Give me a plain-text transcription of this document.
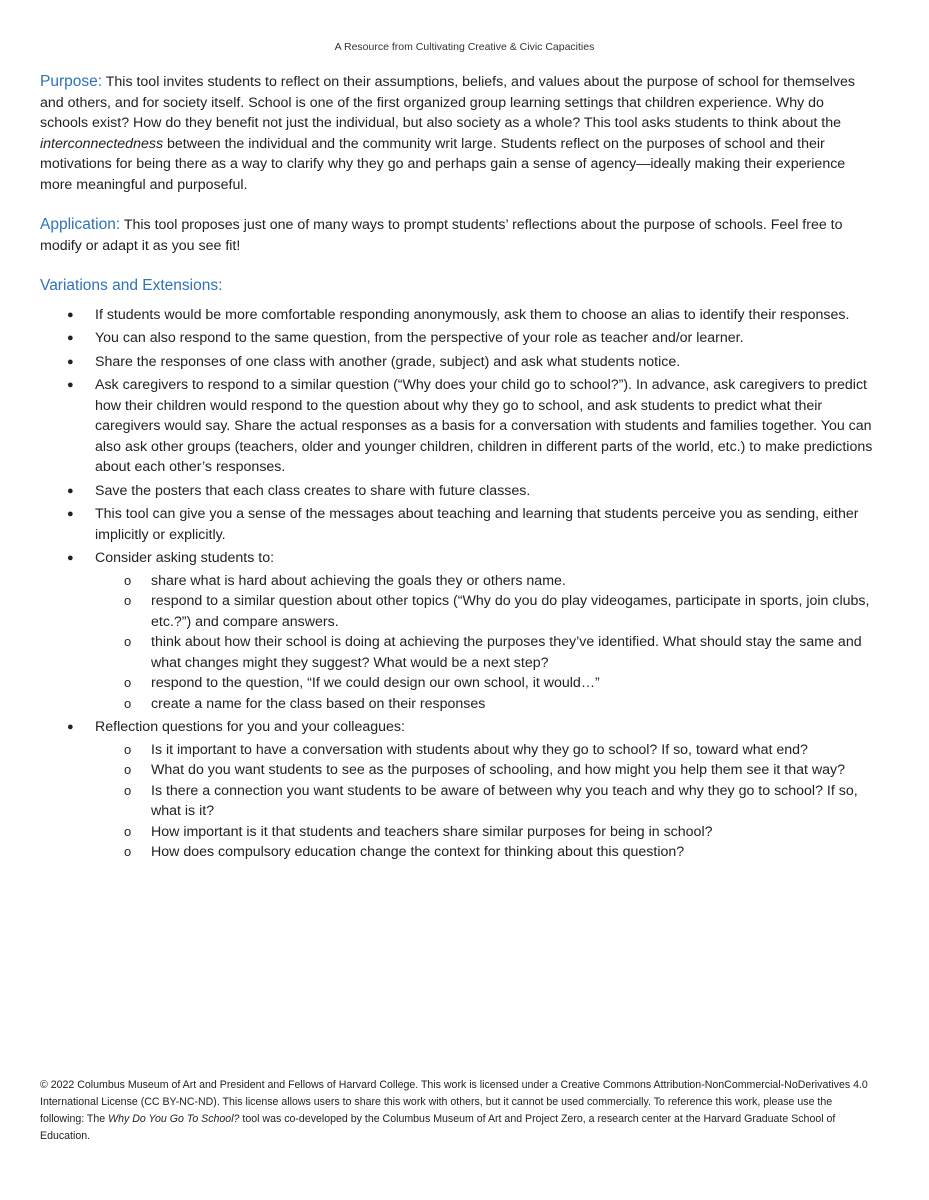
A Resource from Cultivating Creative & Civic Capacities

Purpose: This tool invites students to reflect on their assumptions, beliefs, and values about the purpose of school for themselves and others, and for society itself. School is one of the first organized group learning settings that children experience. Why do schools exist? How do they benefit not just the individual, but also society as a whole? This tool asks students to think about the interconnectedness between the individual and the community writ large. Students reflect on the purposes of school and their motivations for being there as a way to clarify why they go and perhaps gain a sense of agency—ideally making their experience more meaningful and purposeful.

Application: This tool proposes just one of many ways to prompt students’ reflections about the purpose of schools. Feel free to modify or adapt it as you see fit!

Variations and Extensions:
● If students would be more comfortable responding anonymously, ask them to choose an alias to identify their responses.
● You can also respond to the same question, from the perspective of your role as teacher and/or learner.
● Share the responses of one class with another (grade, subject) and ask what students notice.
● Ask caregivers to respond to a similar question (“Why does your child go to school?”). In advance, ask caregivers to predict how their children would respond to the question about why they go to school, and ask students to predict what their caregivers would say. Share the actual responses as a basis for a conversation with students and families together. You can also ask other groups (teachers, older and younger children, children in different parts of the world, etc.) to make predictions about each other’s responses.
● Save the posters that each class creates to share with future classes.
● This tool can give you a sense of the messages about teaching and learning that students perceive you as sending, either implicitly or explicitly.
● Consider asking students to:
o share what is hard about achieving the goals they or others name.
o respond to a similar question about other topics (“Why do you do play videogames, participate in sports, join clubs, etc.?”) and compare answers.
o think about how their school is doing at achieving the purposes they’ve identified. What should stay the same and what changes might they suggest? What would be a next step?
o respond to the question, “If we could design our own school, it would…”
o create a name for the class based on their responses
● Reflection questions for you and your colleagues:
o Is it important to have a conversation with students about why they go to school? If so, toward what end?
o What do you want students to see as the purposes of schooling, and how might you help them see it that way?
o Is there a connection you want students to be aware of between why you teach and why they go to school? If so, what is it?
o How important is it that students and teachers share similar purposes for being in school?
o How does compulsory education change the context for thinking about this question?
© 2022 Columbus Museum of Art and President and Fellows of Harvard College. This work is licensed under a Creative Commons Attribution-NonCommercial-NoDerivatives 4.0 International License (CC BY-NC-ND). This license allows users to share this work with others, but it cannot be used commercially. To reference this work, please use the following: The Why Do You Go To School? tool was co-developed by the Columbus Museum of Art and Project Zero, a research center at the Harvard Graduate School of Education.
